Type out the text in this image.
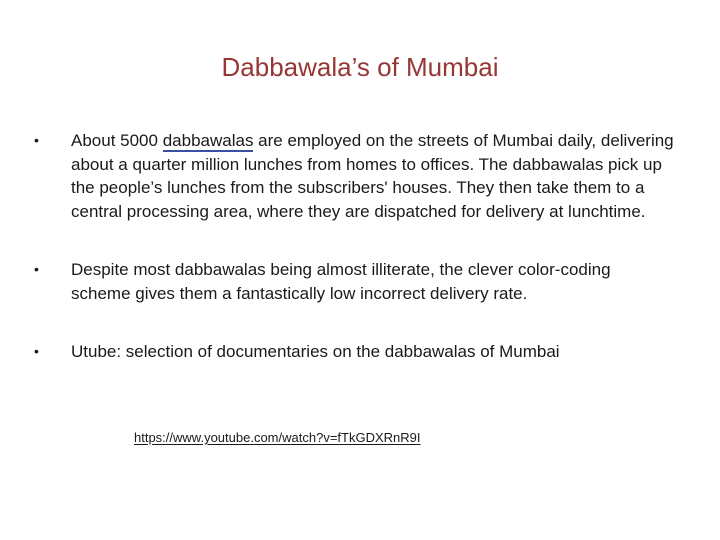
Dabbawala’s of Mumbai
• About 5000 dabbawalas are employed on the streets of Mumbai daily, delivering about a quarter million lunches from homes to offices. The dabbawalas pick up the people’s lunches from the subscribers' houses. They then take them to a central processing area, where they are dispatched for delivery at lunchtime.
• Despite most dabbawalas being almost illiterate, the clever color-coding scheme gives them a fantastically low incorrect delivery rate.
• Utube: selection of documentaries on the dabbawalas of Mumbai
https://www.youtube.com/watch?v=fTkGDXRnR9I
